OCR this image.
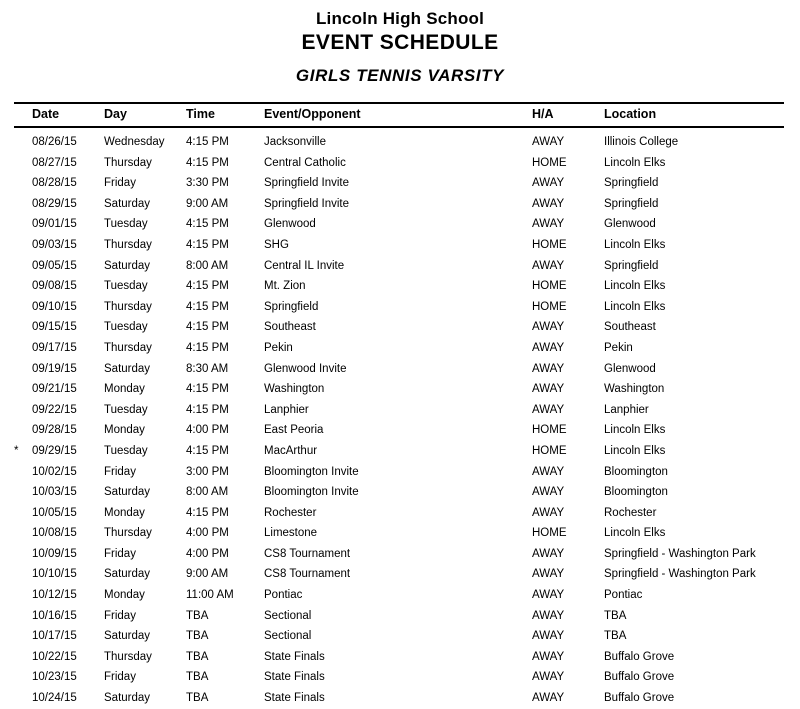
Lincoln High School
EVENT SCHEDULE
GIRLS TENNIS VARSITY
	Date	Day	Time	Event/Opponent	H/A	Location
	08/26/15	Wednesday	4:15 PM	Jacksonville	AWAY	Illinois College
	08/27/15	Thursday	4:15 PM	Central Catholic	HOME	Lincoln Elks
	08/28/15	Friday	3:30 PM	Springfield Invite	AWAY	Springfield
	08/29/15	Saturday	9:00 AM	Springfield Invite	AWAY	Springfield
	09/01/15	Tuesday	4:15 PM	Glenwood	AWAY	Glenwood
	09/03/15	Thursday	4:15 PM	SHG	HOME	Lincoln Elks
	09/05/15	Saturday	8:00 AM	Central IL Invite	AWAY	Springfield
	09/08/15	Tuesday	4:15 PM	Mt. Zion	HOME	Lincoln Elks
	09/10/15	Thursday	4:15 PM	Springfield	HOME	Lincoln Elks
	09/15/15	Tuesday	4:15 PM	Southeast	AWAY	Southeast
	09/17/15	Thursday	4:15 PM	Pekin	AWAY	Pekin
	09/19/15	Saturday	8:30 AM	Glenwood Invite	AWAY	Glenwood
	09/21/15	Monday	4:15 PM	Washington	AWAY	Washington
	09/22/15	Tuesday	4:15 PM	Lanphier	AWAY	Lanphier
	09/28/15	Monday	4:00 PM	East Peoria	HOME	Lincoln Elks
*	09/29/15	Tuesday	4:15 PM	MacArthur	HOME	Lincoln Elks
	10/02/15	Friday	3:00 PM	Bloomington Invite	AWAY	Bloomington
	10/03/15	Saturday	8:00 AM	Bloomington Invite	AWAY	Bloomington
	10/05/15	Monday	4:15 PM	Rochester	AWAY	Rochester
	10/08/15	Thursday	4:00 PM	Limestone	HOME	Lincoln Elks
	10/09/15	Friday	4:00 PM	CS8 Tournament	AWAY	Springfield - Washington Park
	10/10/15	Saturday	9:00 AM	CS8 Tournament	AWAY	Springfield - Washington Park
	10/12/15	Monday	11:00 AM	Pontiac	AWAY	Pontiac
	10/16/15	Friday	TBA	Sectional	AWAY	TBA
	10/17/15	Saturday	TBA	Sectional	AWAY	TBA
	10/22/15	Thursday	TBA	State Finals	AWAY	Buffalo Grove
	10/23/15	Friday	TBA	State Finals	AWAY	Buffalo Grove
	10/24/15	Saturday	TBA	State Finals	AWAY	Buffalo Grove
